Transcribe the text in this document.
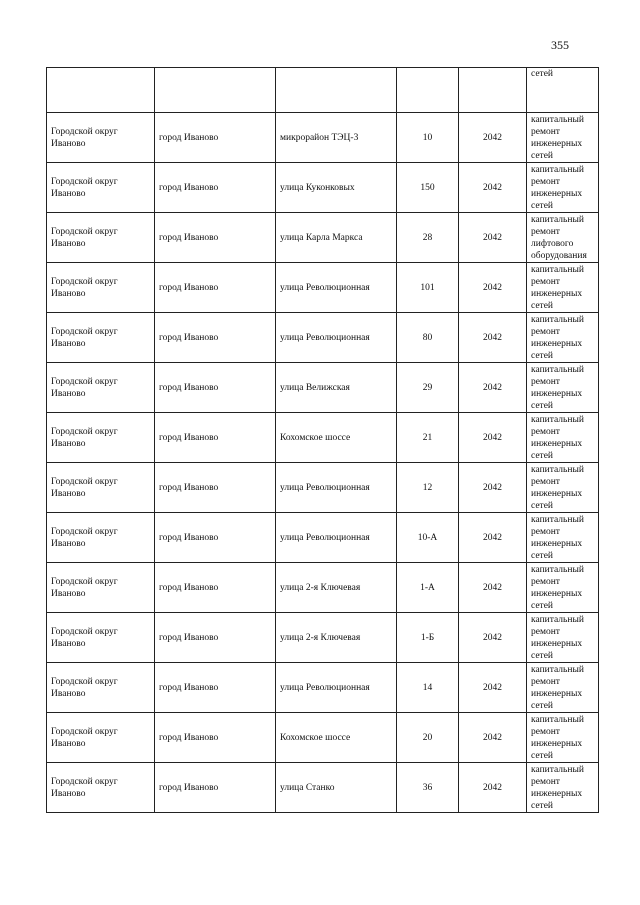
355
					сетей
Городской округ Иваново	город Иваново	микрорайон ТЭЦ-3	10	2042	капитальный ремонт инженерных сетей
Городской округ Иваново	город Иваново	улица Куконковых	150	2042	капитальный ремонт инженерных сетей
Городской округ Иваново	город Иваново	улица Карла Маркса	28	2042	капитальный ремонт лифтового оборудования
Городской округ Иваново	город Иваново	улица Революционная	101	2042	капитальный ремонт инженерных сетей
Городской округ Иваново	город Иваново	улица Революционная	80	2042	капитальный ремонт инженерных сетей
Городской округ Иваново	город Иваново	улица Велижская	29	2042	капитальный ремонт инженерных сетей
Городской округ Иваново	город Иваново	Кохомское шоссе	21	2042	капитальный ремонт инженерных сетей
Городской округ Иваново	город Иваново	улица Революционная	12	2042	капитальный ремонт инженерных сетей
Городской округ Иваново	город Иваново	улица Революционная	10-А	2042	капитальный ремонт инженерных сетей
Городской округ Иваново	город Иваново	улица 2-я Ключевая	1-А	2042	капитальный ремонт инженерных сетей
Городской округ Иваново	город Иваново	улица 2-я Ключевая	1-Б	2042	капитальный ремонт инженерных сетей
Городской округ Иваново	город Иваново	улица Революционная	14	2042	капитальный ремонт инженерных сетей
Городской округ Иваново	город Иваново	Кохомское шоссе	20	2042	капитальный ремонт инженерных сетей
Городской округ Иваново	город Иваново	улица Станко	36	2042	капитальный ремонт инженерных сетей
